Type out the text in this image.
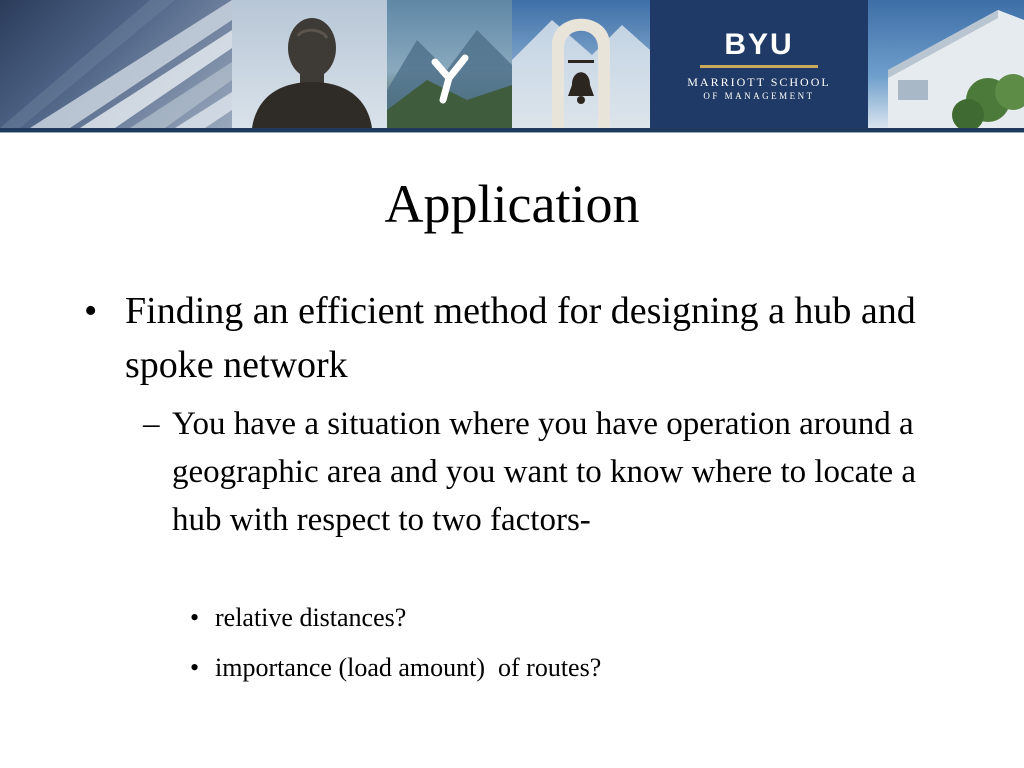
BYU
MARRIOTT SCHOOL
OF MANAGEMENT
Application
• Finding an efficient method for designing a hub and spoke network
– You have a situation where you have operation around a geographic area and you want to know where to locate a hub with respect to two factors-
• relative distances?
• importance (load amount)  of routes?
